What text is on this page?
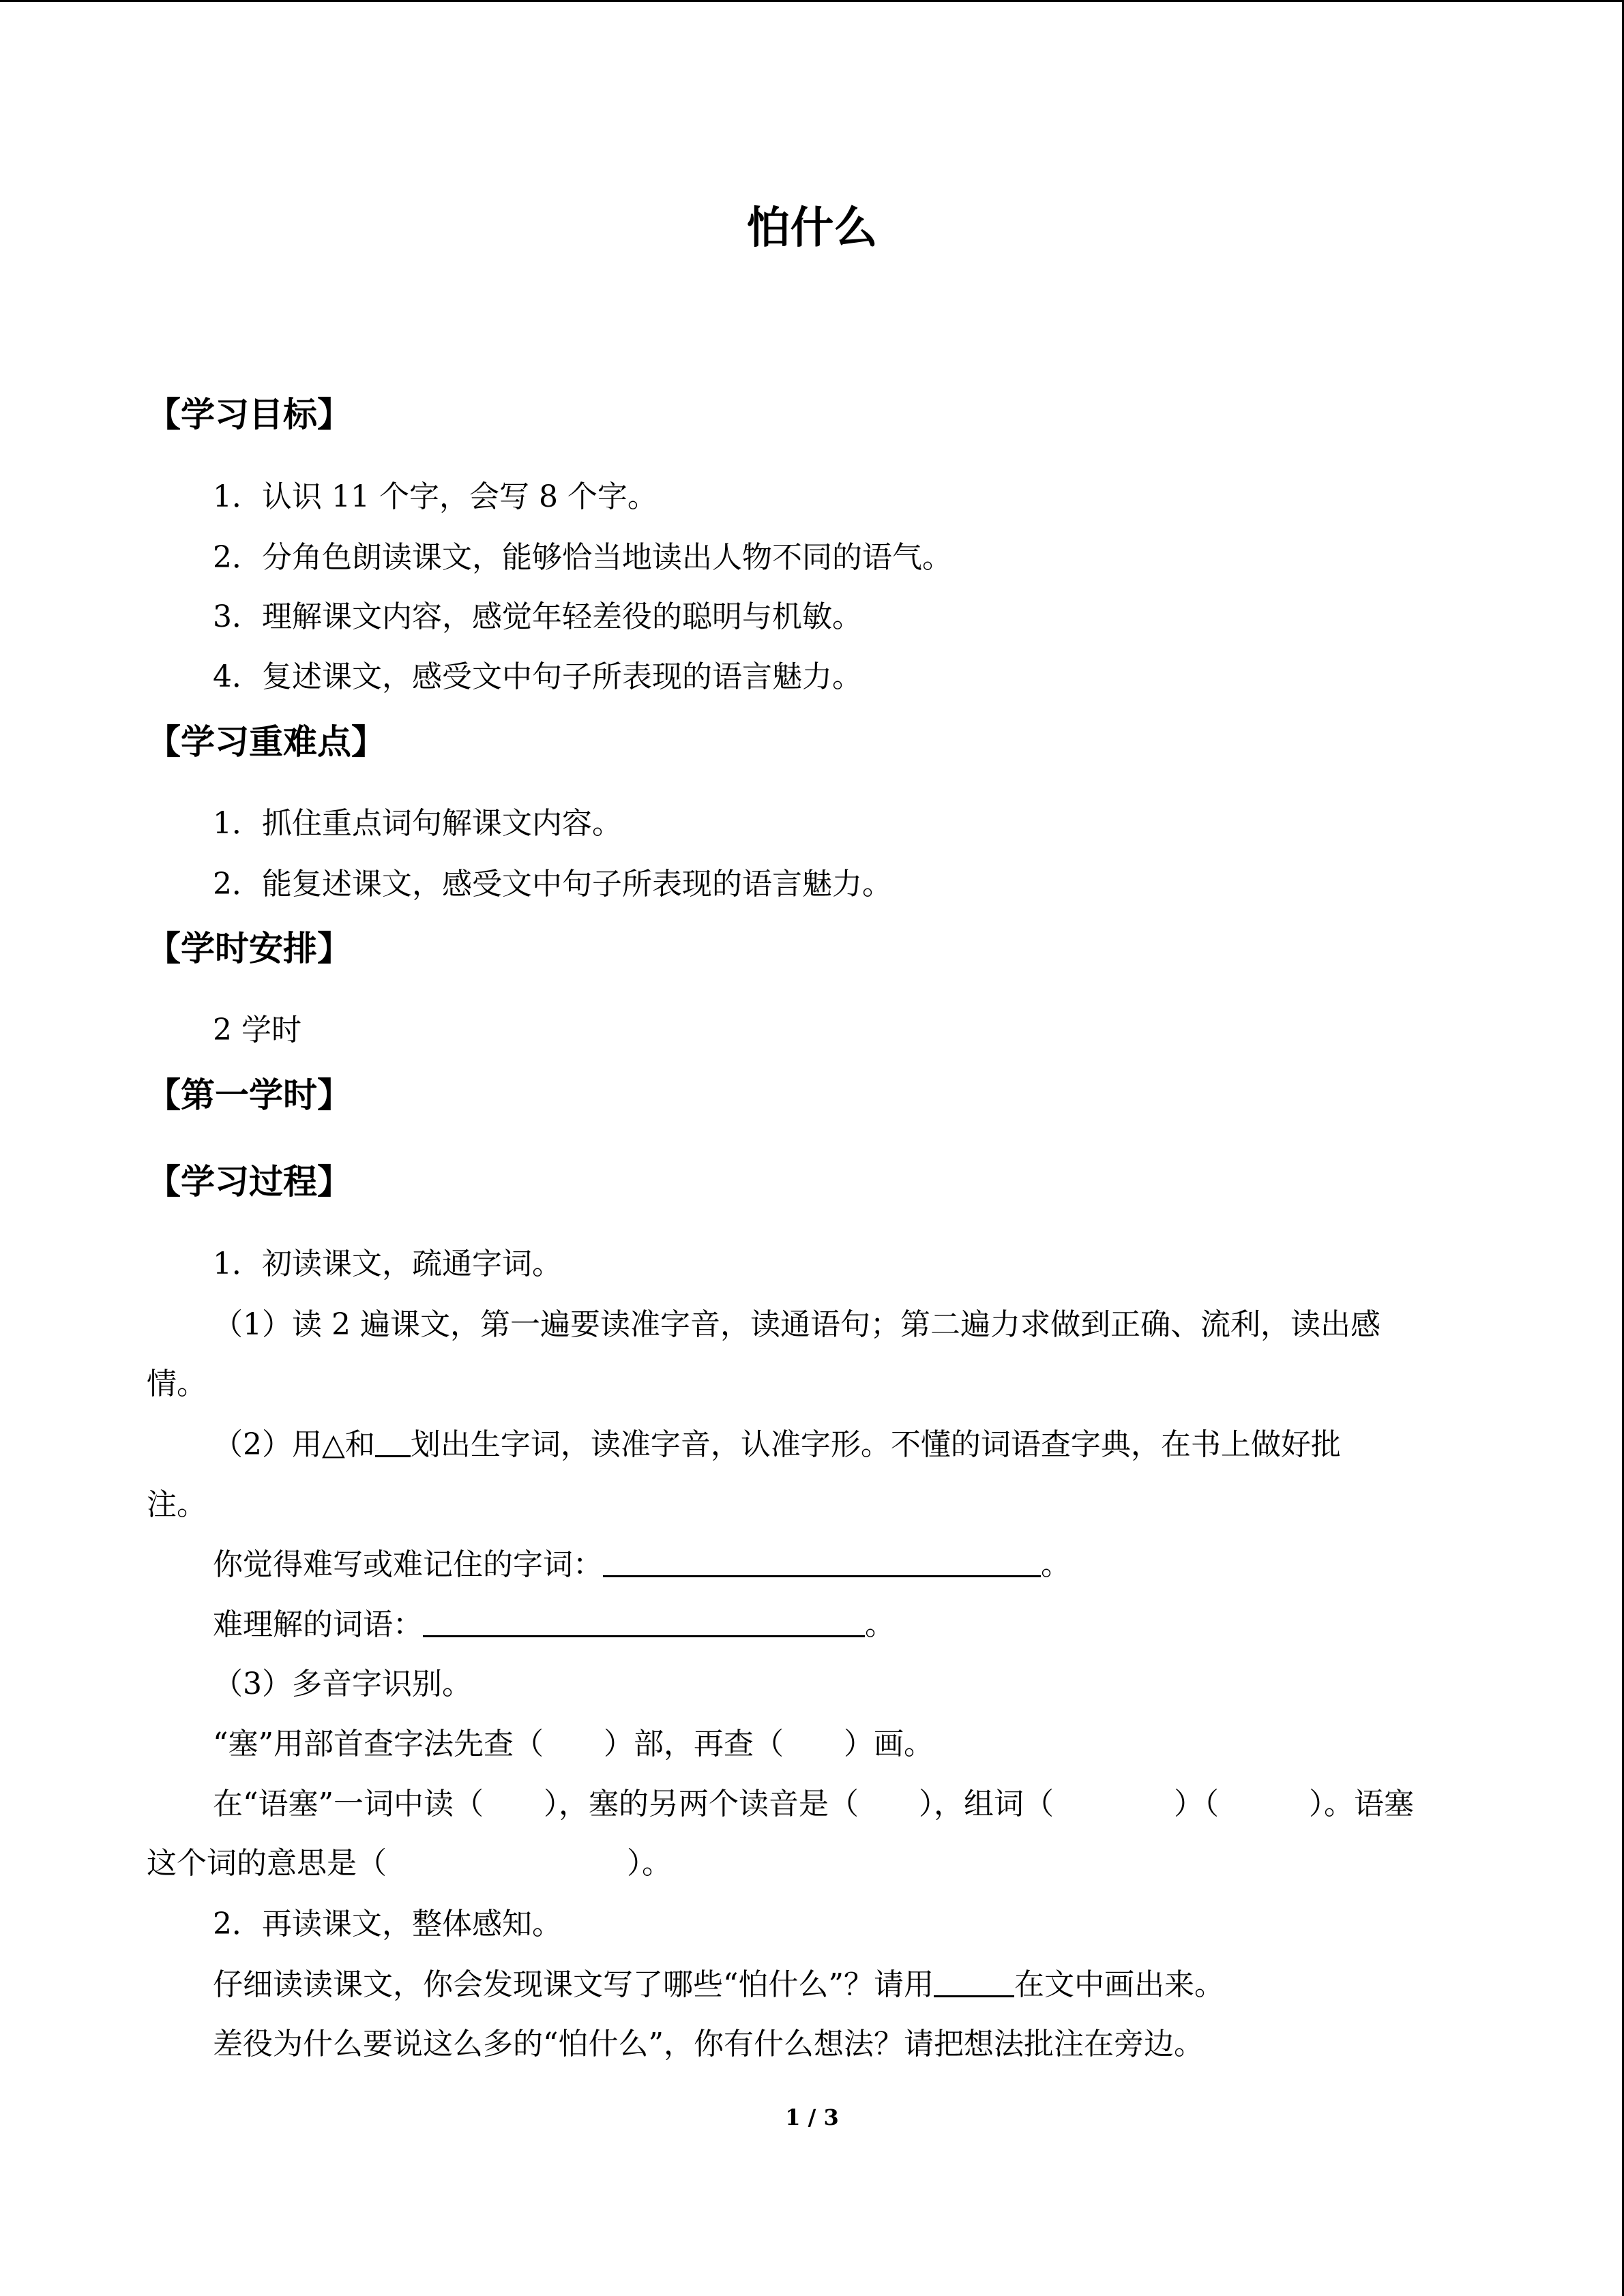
怕什么
【学习目标】

1．认识 11 个字，会写 8 个字。

2．分角色朗读课文，能够恰当地读出人物不同的语气。

3．理解课文内容，感觉年轻差役的聪明与机敏。

4．复述课文，感受文中句子所表现的语言魅力。

【学习重难点】

1．抓住重点词句解课文内容。

2．能复述课文，感受文中句子所表现的语言魅力。

【学时安排】

2 学时

【第一学时】
【学习过程】

1．初读课文，疏通字词。

（1）读 2 遍课文，第一遍要读准字音，读通语句；第二遍力求做到正确、流利，读出感

情。

（2）用△和 划出生字词，读准字音，认准字形。不懂的词语查字典，在书上做好批

注。

你觉得难写或难记住的字词：	。

难理解的词语：	。

（3）多音字识别。

“塞”用部首查字法先查（　　）部，再查（　　）画。

在“语塞”一词中读（　　），塞的另两个读音是（　　），组词（　　　　）（　　　）。语塞

这个词的意思是（　　　　　　　　）。

2．再读课文，整体感知。

仔细读读课文，你会发现课文写了哪些“怕什么”？请用	在文中画出来。

差役为什么要说这么多的“怕什么”，你有什么想法？请把想法批注在旁边。

1 / 3
